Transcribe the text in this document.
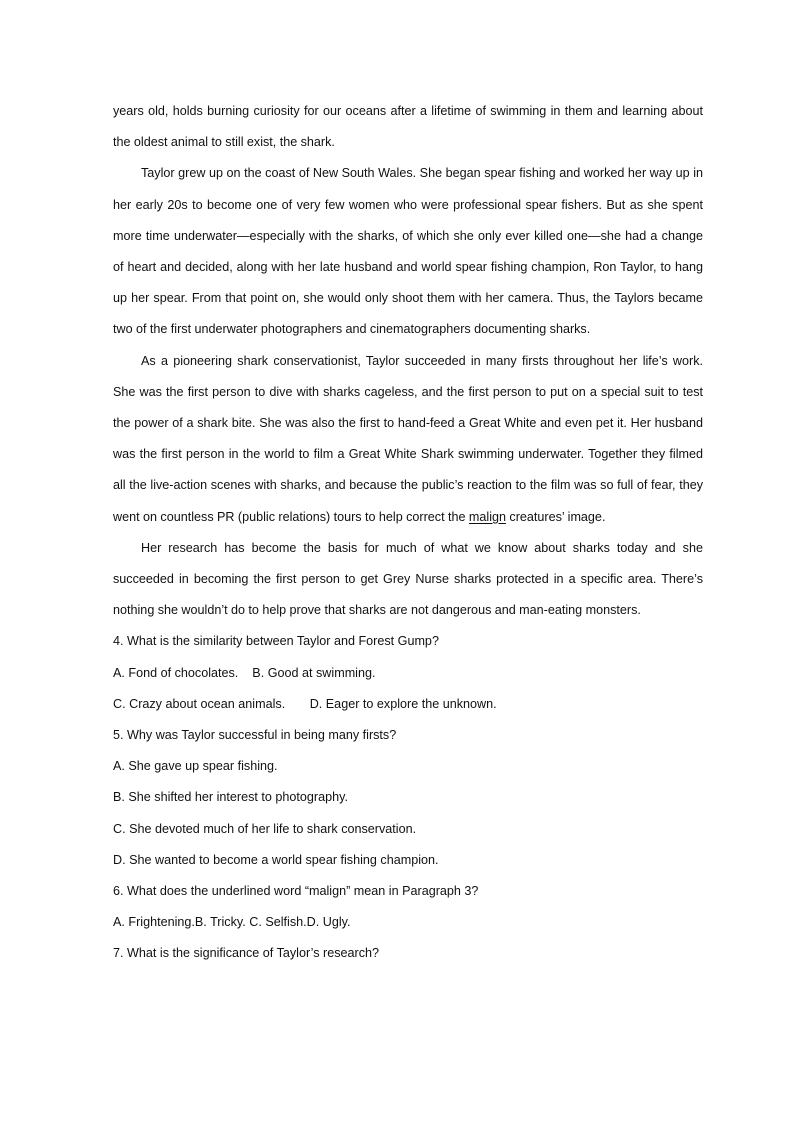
years old, holds burning curiosity for our oceans after a lifetime of swimming in them and learning about the oldest animal to still exist, the shark.

Taylor grew up on the coast of New South Wales. She began spear fishing and worked her way up in her early 20s to become one of very few women who were professional spear fishers. But as she spent more time underwater—especially with the sharks, of which she only ever killed one—she had a change of heart and decided, along with her late husband and world spear fishing champion, Ron Taylor, to hang up her spear. From that point on, she would only shoot them with her camera. Thus, the Taylors became two of the first underwater photographers and cinematographers documenting sharks.

As a pioneering shark conservationist, Taylor succeeded in many firsts throughout her life’s work. She was the first person to dive with sharks cageless, and the first person to put on a special suit to test the power of a shark bite. She was also the first to hand-feed a Great White and even pet it. Her husband was the first person in the world to film a Great White Shark swimming underwater. Together they filmed all the live-action scenes with sharks, and because the public’s reaction to the film was so full of fear, they went on countless PR (public relations) tours to help correct the malign creatures’ image.

Her research has become the basis for much of what we know about sharks today and she succeeded in becoming the first person to get Grey Nurse sharks protected in a specific area. There’s nothing she wouldn’t do to help prove that sharks are not dangerous and man-eating monsters.

4. What is the similarity between Taylor and Forest Gump?

A. Fond of chocolates.    B. Good at swimming.

C. Crazy about ocean animals.       D. Eager to explore the unknown.

5. Why was Taylor successful in being many firsts?

A. She gave up spear fishing.

B. She shifted her interest to photography.

C. She devoted much of her life to shark conservation.

D. She wanted to become a world spear fishing champion.

6. What does the underlined word “malign” mean in Paragraph 3?

A. Frightening.B. Tricky. C. Selfish.D. Ugly.

7. What is the significance of Taylor’s research?
